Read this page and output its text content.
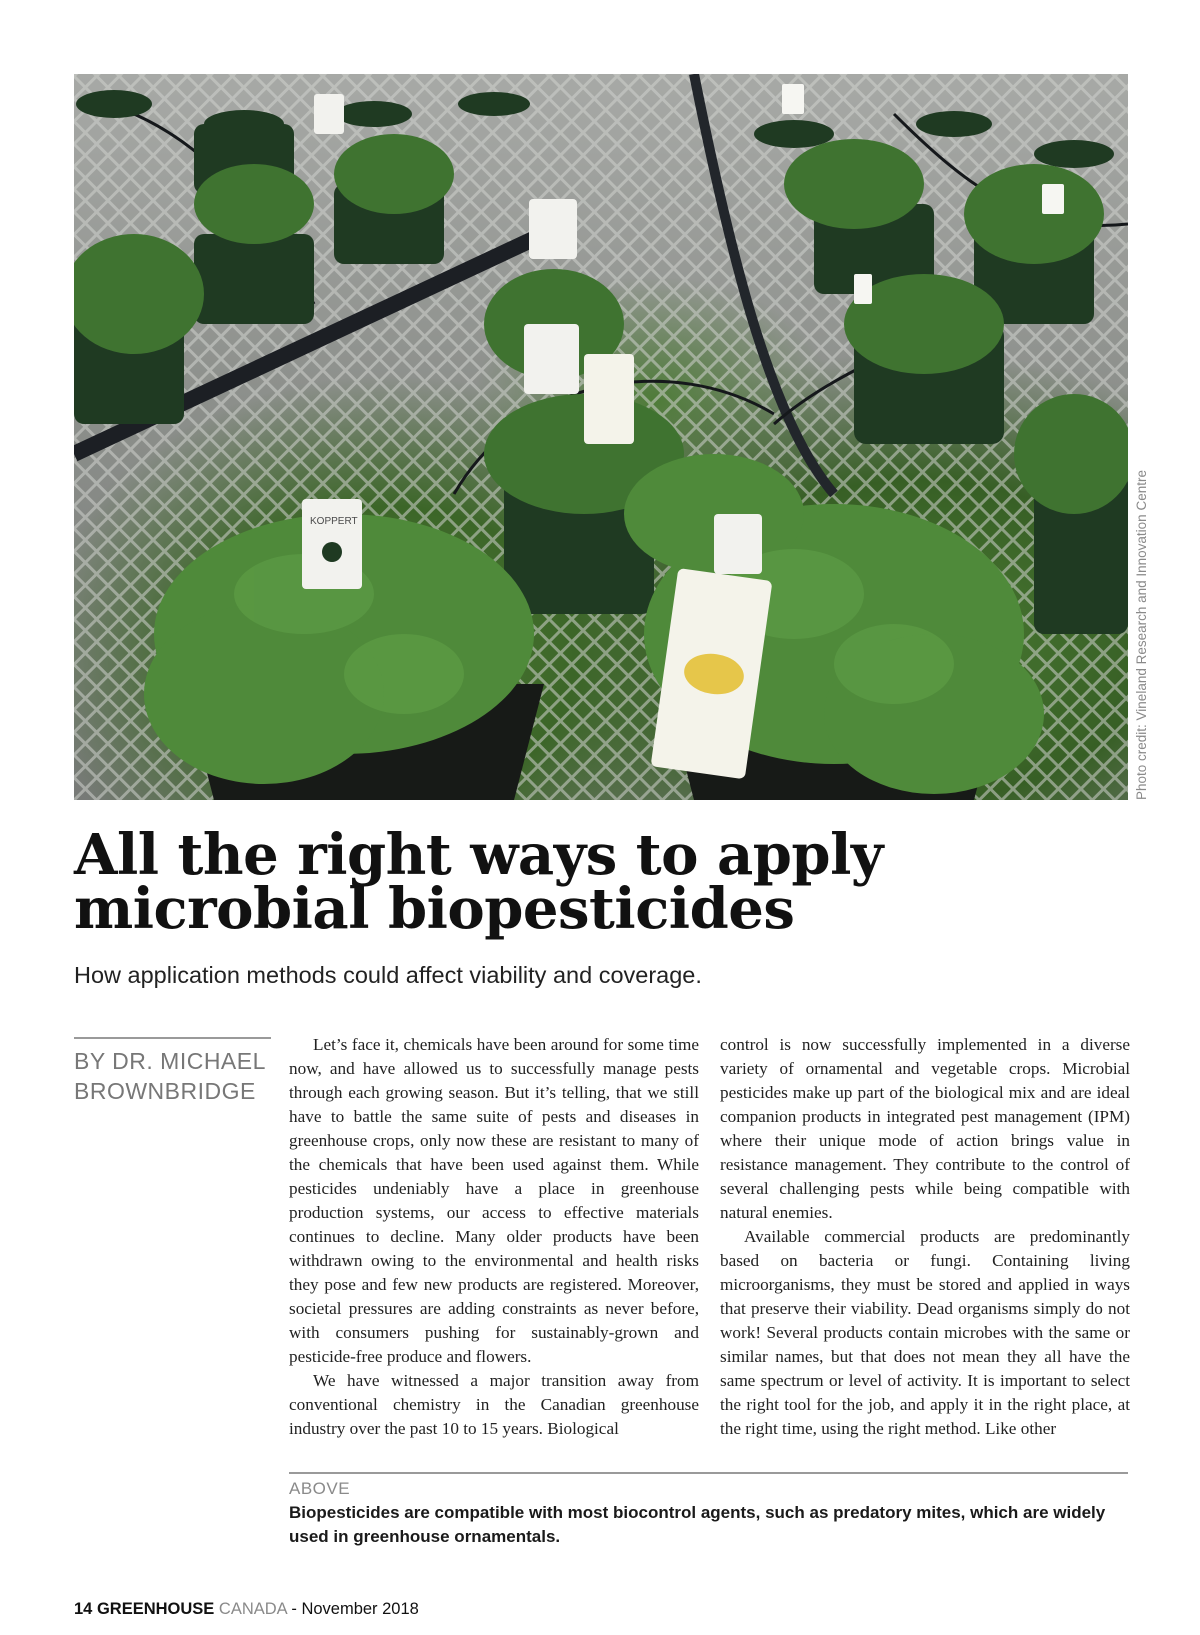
KOPPERT	Photo credit: Vineland Research and Innovation Centre
All the right ways to apply
microbial biopesticides
How application methods could affect viability and coverage.
BY DR. MICHAEL
BROWNBRIDGE

Let’s face it, chemicals have been around for some time now, and have allowed us to successfully manage pests through each growing season. But it’s telling, that we still have to battle the same suite of pests and diseases in greenhouse crops, only now these are resistant to many of the chemicals that have been used against them. While pesticides undeniably have a place in greenhouse production systems, our access to effective materials continues to decline. Many older products have been withdrawn owing to the environmental and health risks they pose and few new products are registered. Moreover, societal pressures are adding constraints as never before, with consumers pushing for sustainably-grown and pesticide-free produce and flowers.

We have witnessed a major transition away from conventional chemistry in the Canadian greenhouse industry over the past 10 to 15 years. Biological

control is now successfully implemented in a diverse variety of ornamental and vegetable crops. Microbial pesticides make up part of the biological mix and are ideal companion products in integrated pest management (IPM) where their unique mode of action brings value in resistance management. They contribute to the control of several challenging pests while being compatible with natural enemies.

Available commercial products are predominantly based on bacteria or fungi. Containing living microorganisms, they must be stored and applied in ways that preserve their viability. Dead organisms simply do not work! Several products contain microbes with the same or similar names, but that does not mean they all have the same spectrum or level of activity. It is important to select the right tool for the job, and apply it in the right place, at the right time, using the right method. Like other

ABOVE
Biopesticides are compatible with most biocontrol agents, such as predatory mites, which are widely used in greenhouse ornamentals.
14 GREENHOUSE CANADA - November 2018
